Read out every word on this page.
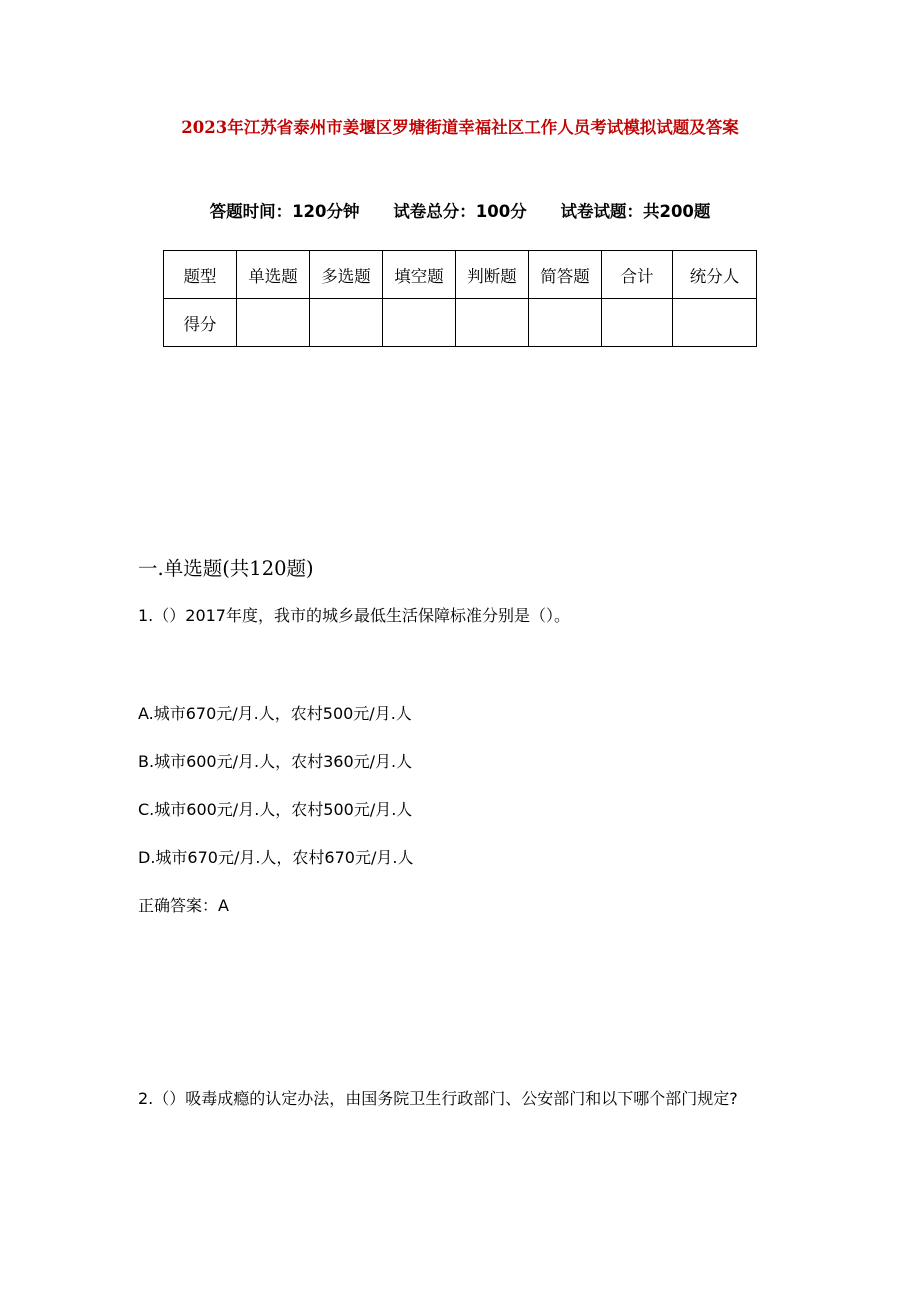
2023年江苏省泰州市姜堰区罗塘街道幸福社区工作人员考试模拟试题及答案
答题时间：120分钟 试卷总分：100分 试卷试题：共200题
题型	单选题	多选题	填空题	判断题	简答题	合计	统分人
得分							
一.单选题(共120题)
1.（）2017年度，我市的城乡最低生活保障标准分别是（）。
A.城市670元/月.人，农村500元/月.人
B.城市600元/月.人，农村360元/月.人
C.城市600元/月.人，农村500元/月.人
D.城市670元/月.人，农村670元/月.人
正确答案：A
2.（）吸毒成瘾的认定办法，由国务院卫生行政部门、公安部门和以下哪个部门规定?
